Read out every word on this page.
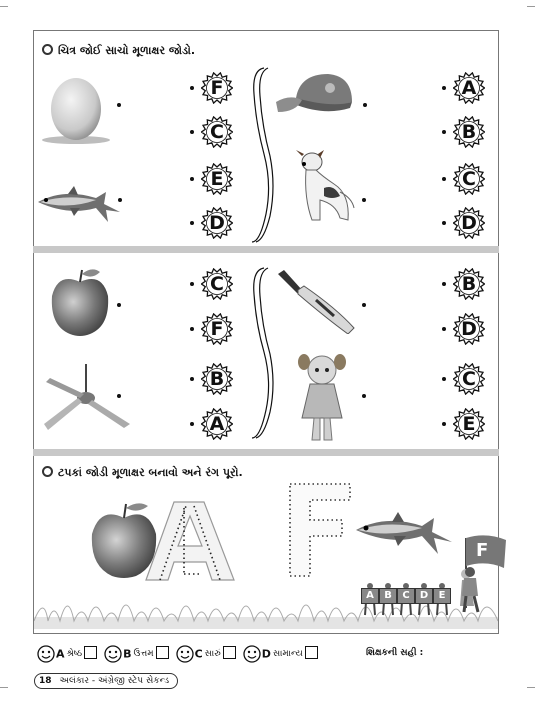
ચિત્ર જોઈ સાચો મૂળાક્ષર જોડો.
ટપકાં જોડી મૂળાક્ષર બનાવો અને રંગ પૂરો.
F
A શ્રેષ્ઠ	B ઉત્તમ	C સારું	D સામાન્ય	શિક્ષકની સહી :
18 અલંકાર - અંગ્રેજી સ્ટેપ સેકન્ડ
F
C
E
D
A
B
C
D
C
F
B
A
B
D
C
E
A	B	C	D	E
